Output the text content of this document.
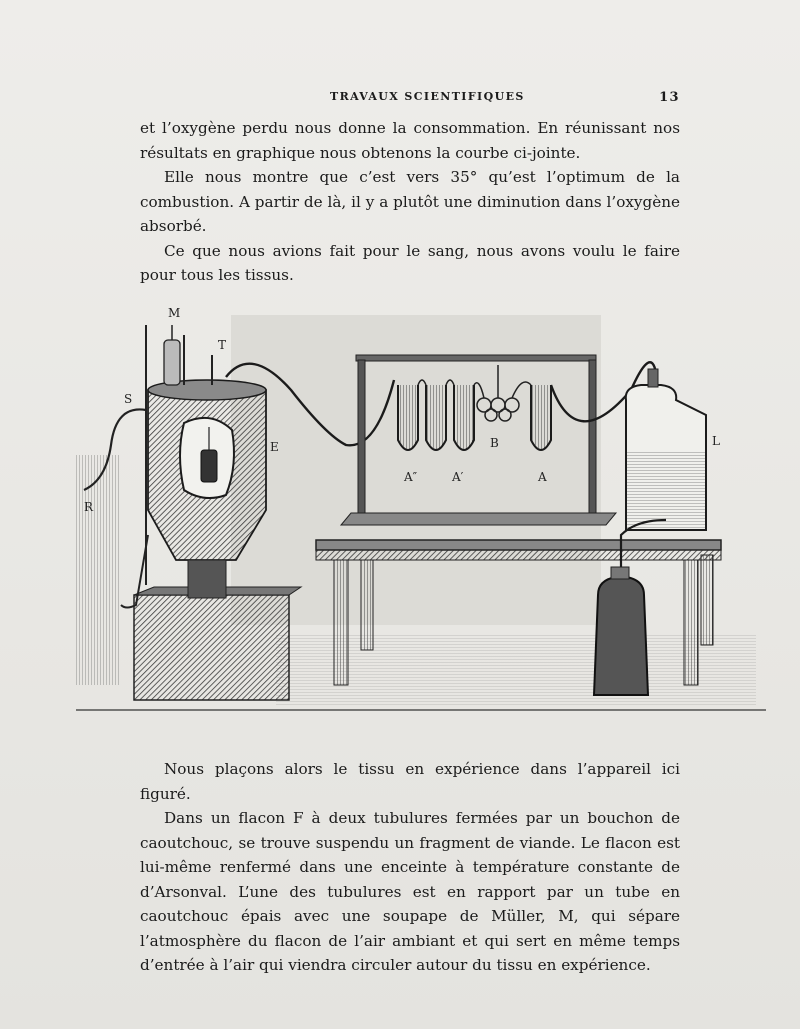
TRAVAUX SCIENTIFIQUES	13

et l’oxygène perdu nous donne la consommation. En réunissant nos résultats en graphique nous obtenons la courbe ci-jointe.

Elle nous montre que c’est vers 35° qu’est l’optimum de la combustion. A partir de là, il y a plutôt une diminution dans l’oxygène absorbé.

Ce que nous avions fait pour le sang, nous avons voulu le faire pour tous les tissus.

M
T
S
E
R
B
A″	A′	A
L

Nous plaçons alors le tissu en expérience dans l’appareil ici figuré.

Dans un flacon F à deux tubulures fermées par un bouchon de caoutchouc, se trouve suspendu un fragment de viande. Le flacon est lui-même renfermé dans une enceinte à température constante de d’Arsonval. L’une des tubulures est en rapport par un tube en caoutchouc épais avec une soupape de Müller, M, qui sépare l’atmosphère du flacon de l’air ambiant et qui sert en même temps d’entrée à l’air qui viendra circuler autour du tissu en expérience.
